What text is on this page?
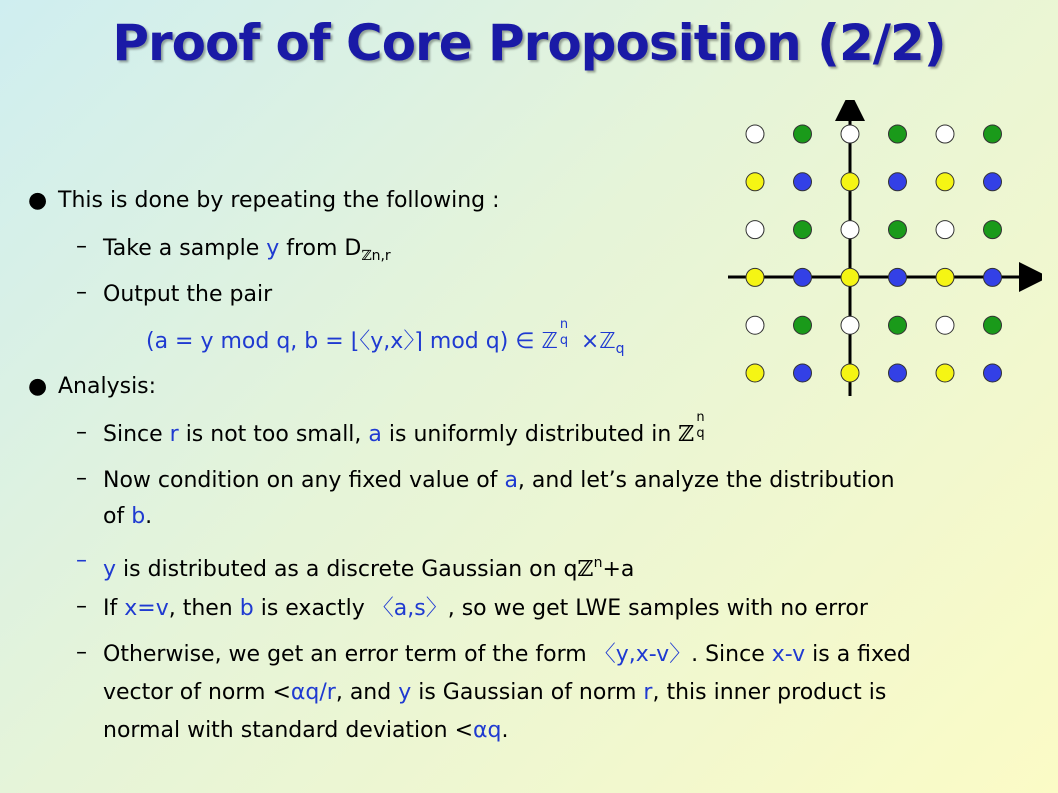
Proof of Core Proposition (2/2)
● This is done by repeating the following :
– Take a sample y from $D_{ℤn,r}$
– Output the pair
(a = y mod q, b = ⌊〈y,x〉⌉ mod q) ∈ ℤ
n
q ×ℤ$_q$
● Analysis:
– Since r is not too small, a is uniformly distributed in ℤ
n
q
– Now condition on any fixed value of a, and let’s analyze the distribution
of b.
– y is distributed as a discrete Gaussian on qℤ$^n$+a
– If x=v, then b is exactly 〈a,s〉, so we get LWE samples with no error
– Otherwise, we get an error term of the form 〈y,x-v〉. Since x-v is a fixed
vector of norm <αq/r, and y is Gaussian of norm r, this inner product is
normal with standard deviation <αq.
